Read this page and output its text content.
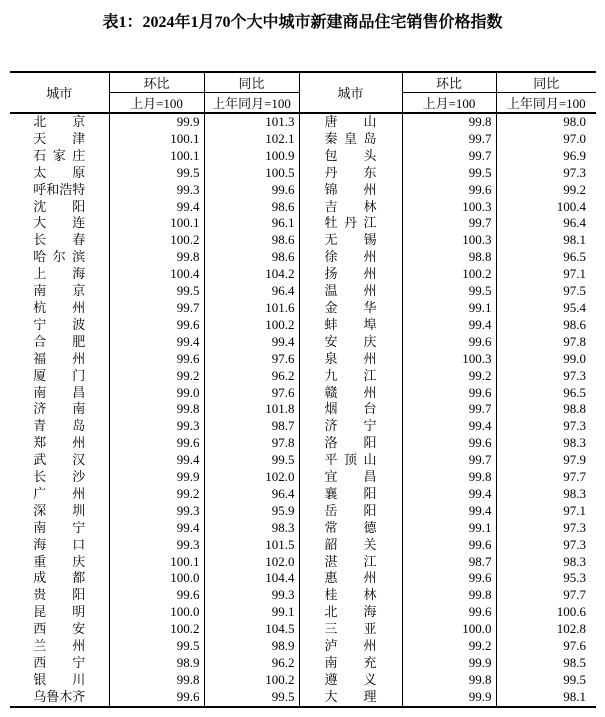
表1：2024年1月70个大中城市新建商品住宅销售价格指数
城市	环比	同比	城市	环比	同比
	上月=100	上年同月=100		上月=100	上年同月=100
北京	99.9	101.3	唐山	99.8	98.0
天津	100.1	102.1	秦皇岛	99.7	97.0
石家庄	100.1	100.9	包头	99.7	96.9
太原	99.5	100.5	丹东	99.5	97.3
呼和浩特	99.3	99.6	锦州	99.6	99.2
沈阳	99.4	98.6	吉林	100.3	100.4
大连	100.1	96.1	牡丹江	99.7	96.4
长春	100.2	98.6	无锡	100.3	98.1
哈尔滨	99.8	98.6	徐州	98.8	96.5
上海	100.4	104.2	扬州	100.2	97.1
南京	99.5	96.4	温州	99.5	97.5
杭州	99.7	101.6	金华	99.1	95.4
宁波	99.6	100.2	蚌埠	99.4	98.6
合肥	99.4	99.4	安庆	99.6	97.8
福州	99.6	97.6	泉州	100.3	99.0
厦门	99.2	96.2	九江	99.2	97.3
南昌	99.0	97.6	赣州	99.6	96.5
济南	99.8	101.8	烟台	99.7	98.8
青岛	99.3	98.7	济宁	99.4	97.3
郑州	99.6	97.8	洛阳	99.6	98.3
武汉	99.4	99.5	平顶山	99.7	97.9
长沙	99.9	102.0	宜昌	99.8	97.7
广州	99.2	96.4	襄阳	99.4	98.3
深圳	99.3	95.9	岳阳	99.4	97.1
南宁	99.4	98.3	常德	99.1	97.3
海口	99.3	101.5	韶关	99.6	97.3
重庆	100.1	102.0	湛江	98.7	98.3
成都	100.0	104.4	惠州	99.6	95.3
贵阳	99.6	99.3	桂林	99.8	97.7
昆明	100.0	99.1	北海	99.6	100.6
西安	100.2	104.5	三亚	100.0	102.8
兰州	99.5	98.9	泸州	99.2	97.6
西宁	98.9	96.2	南充	99.9	98.5
银川	99.8	100.2	遵义	99.8	99.5
乌鲁木齐	99.6	99.5	大理	99.9	98.1
